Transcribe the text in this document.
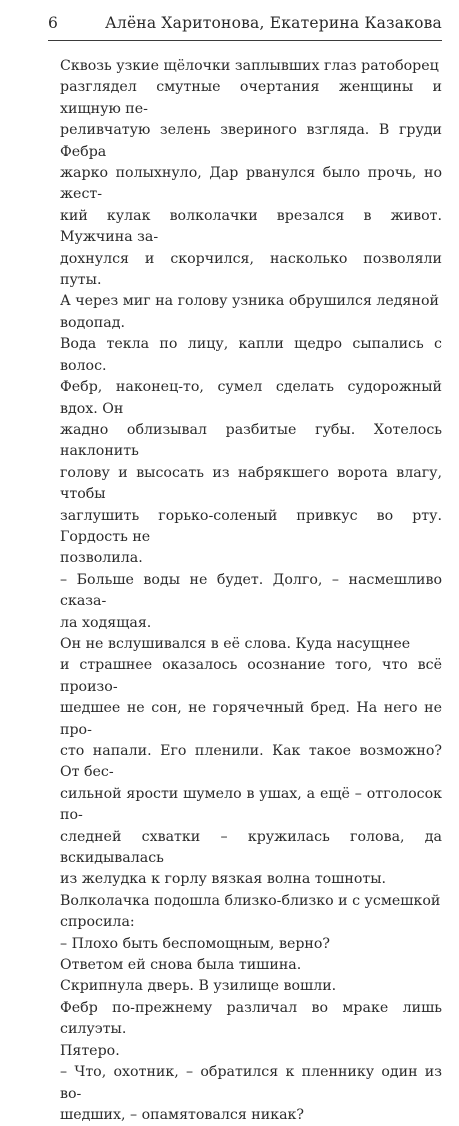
6	Алёна Харитонова, Екатерина Казакова

Сквозь узкие щёлочки заплывших глаз ратоборец

разглядел смутные очертания женщины и хищную пе-

реливчатую зелень звериного взгляда. В груди Фебра

жарко полыхнуло, Дар рванулся было прочь, но жест-

кий кулак волколачки врезался в живот. Мужчина за-

дохнулся и скорчился, насколько позволяли путы.

А через миг на голову узника обрушился ледяной

водопад.

Вода текла по лицу, капли щедро сыпались с волос.

Фебр, наконец-то, сумел сделать судорожный вдох. Он

жадно облизывал разбитые губы. Хотелось наклонить

голову и высосать из набрякшего ворота влагу, чтобы

заглушить горько-соленый привкус во рту. Гордость не

позволила.

– Больше воды не будет. Долго, – насмешливо сказа-

ла ходящая.

Он не вслушивался в её слова. Куда насущнее

и страшнее оказалось осознание того, что всё произо-

шедшее не сон, не горячечный бред. На него не про-

сто напали. Его пленили. Как такое возможно? От бес-

сильной ярости шумело в ушах, а ещё – отголосок по-

следней схватки – кружилась голова, да вскидывалась

из желудка к горлу вязкая волна тошноты.

Волколачка подошла близко-близко и с усмешкой

спросила:

– Плохо быть беспомощным, верно?

Ответом ей снова была тишина.

Скрипнула дверь. В узилище вошли.

Фебр по-прежнему различал во мраке лишь силуэты.

Пятеро.

– Что, охотник, – обратился к пленнику один из во-

шедших, – опамятовался никак?
